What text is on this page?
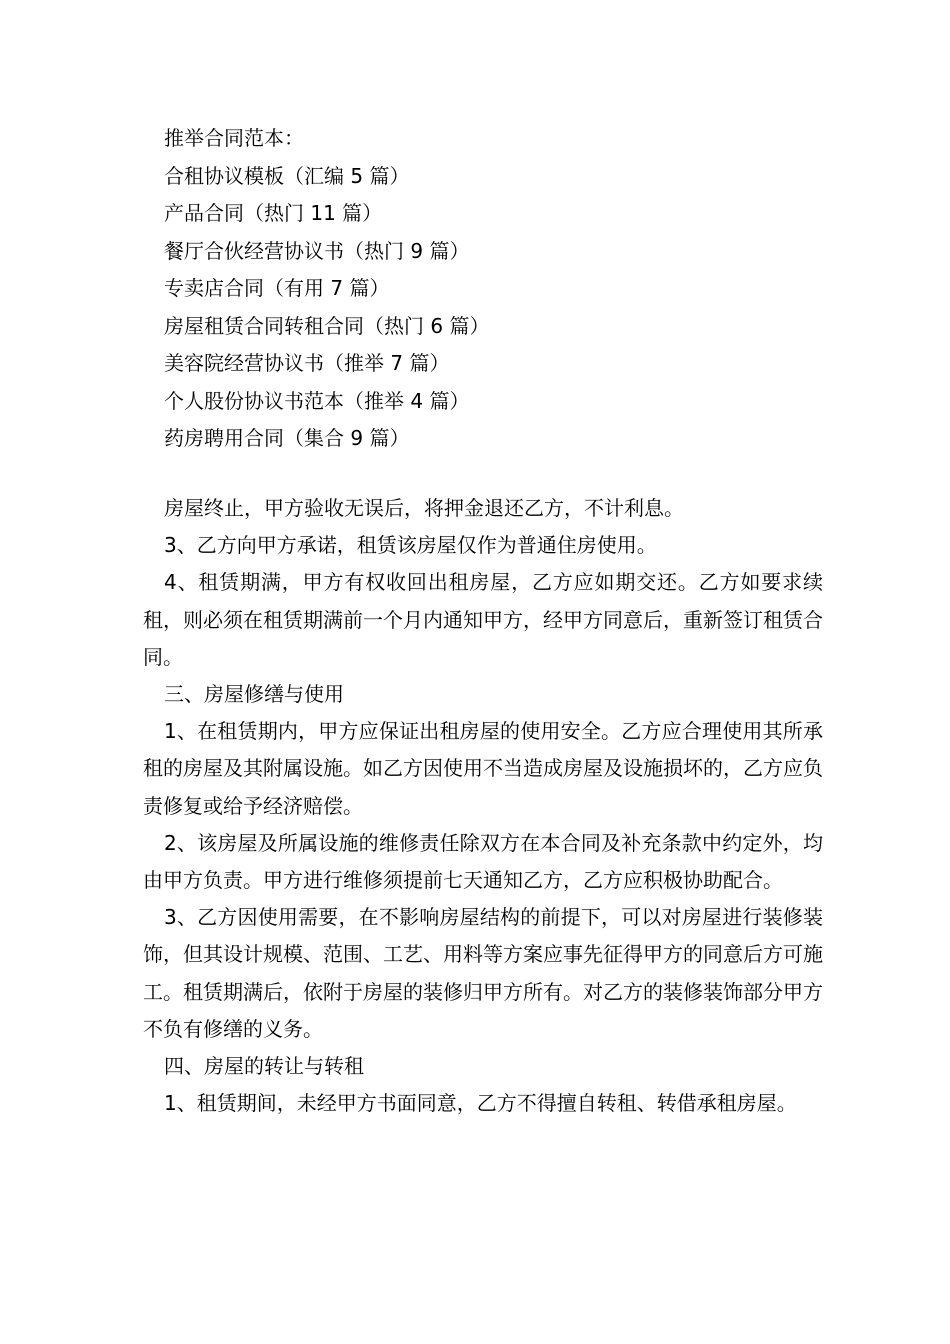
推举合同范本：
合租协议模板（汇编 5 篇）
产品合同（热门 11 篇）
餐厅合伙经营协议书（热门 9 篇）
专卖店合同（有用 7 篇）
房屋租赁合同转租合同（热门 6 篇）
美容院经营协议书（推举 7 篇）
个人股份协议书范本（推举 4 篇）
药房聘用合同（集合 9 篇）

房屋终止，甲方验收无误后，将押金退还乙方，不计利息。

3、乙方向甲方承诺，租赁该房屋仅作为普通住房使用。

4、租赁期满，甲方有权收回出租房屋，乙方应如期交还。乙方如要求续租，则必须在租赁期满前一个月内通知甲方，经甲方同意后，重新签订租赁合同。

三、房屋修缮与使用

1、在租赁期内，甲方应保证出租房屋的使用安全。乙方应合理使用其所承租的房屋及其附属设施。如乙方因使用不当造成房屋及设施损坏的，乙方应负责修复或给予经济赔偿。

2、该房屋及所属设施的维修责任除双方在本合同及补充条款中约定外，均由甲方负责。甲方进行维修须提前七天通知乙方，乙方应积极协助配合。

3、乙方因使用需要，在不影响房屋结构的前提下，可以对房屋进行装修装饰，但其设计规模、范围、工艺、用料等方案应事先征得甲方的同意后方可施工。租赁期满后，依附于房屋的装修归甲方所有。对乙方的装修装饰部分甲方不负有修缮的义务。

四、房屋的转让与转租

1、租赁期间，未经甲方书面同意，乙方不得擅自转租、转借承租房屋。
